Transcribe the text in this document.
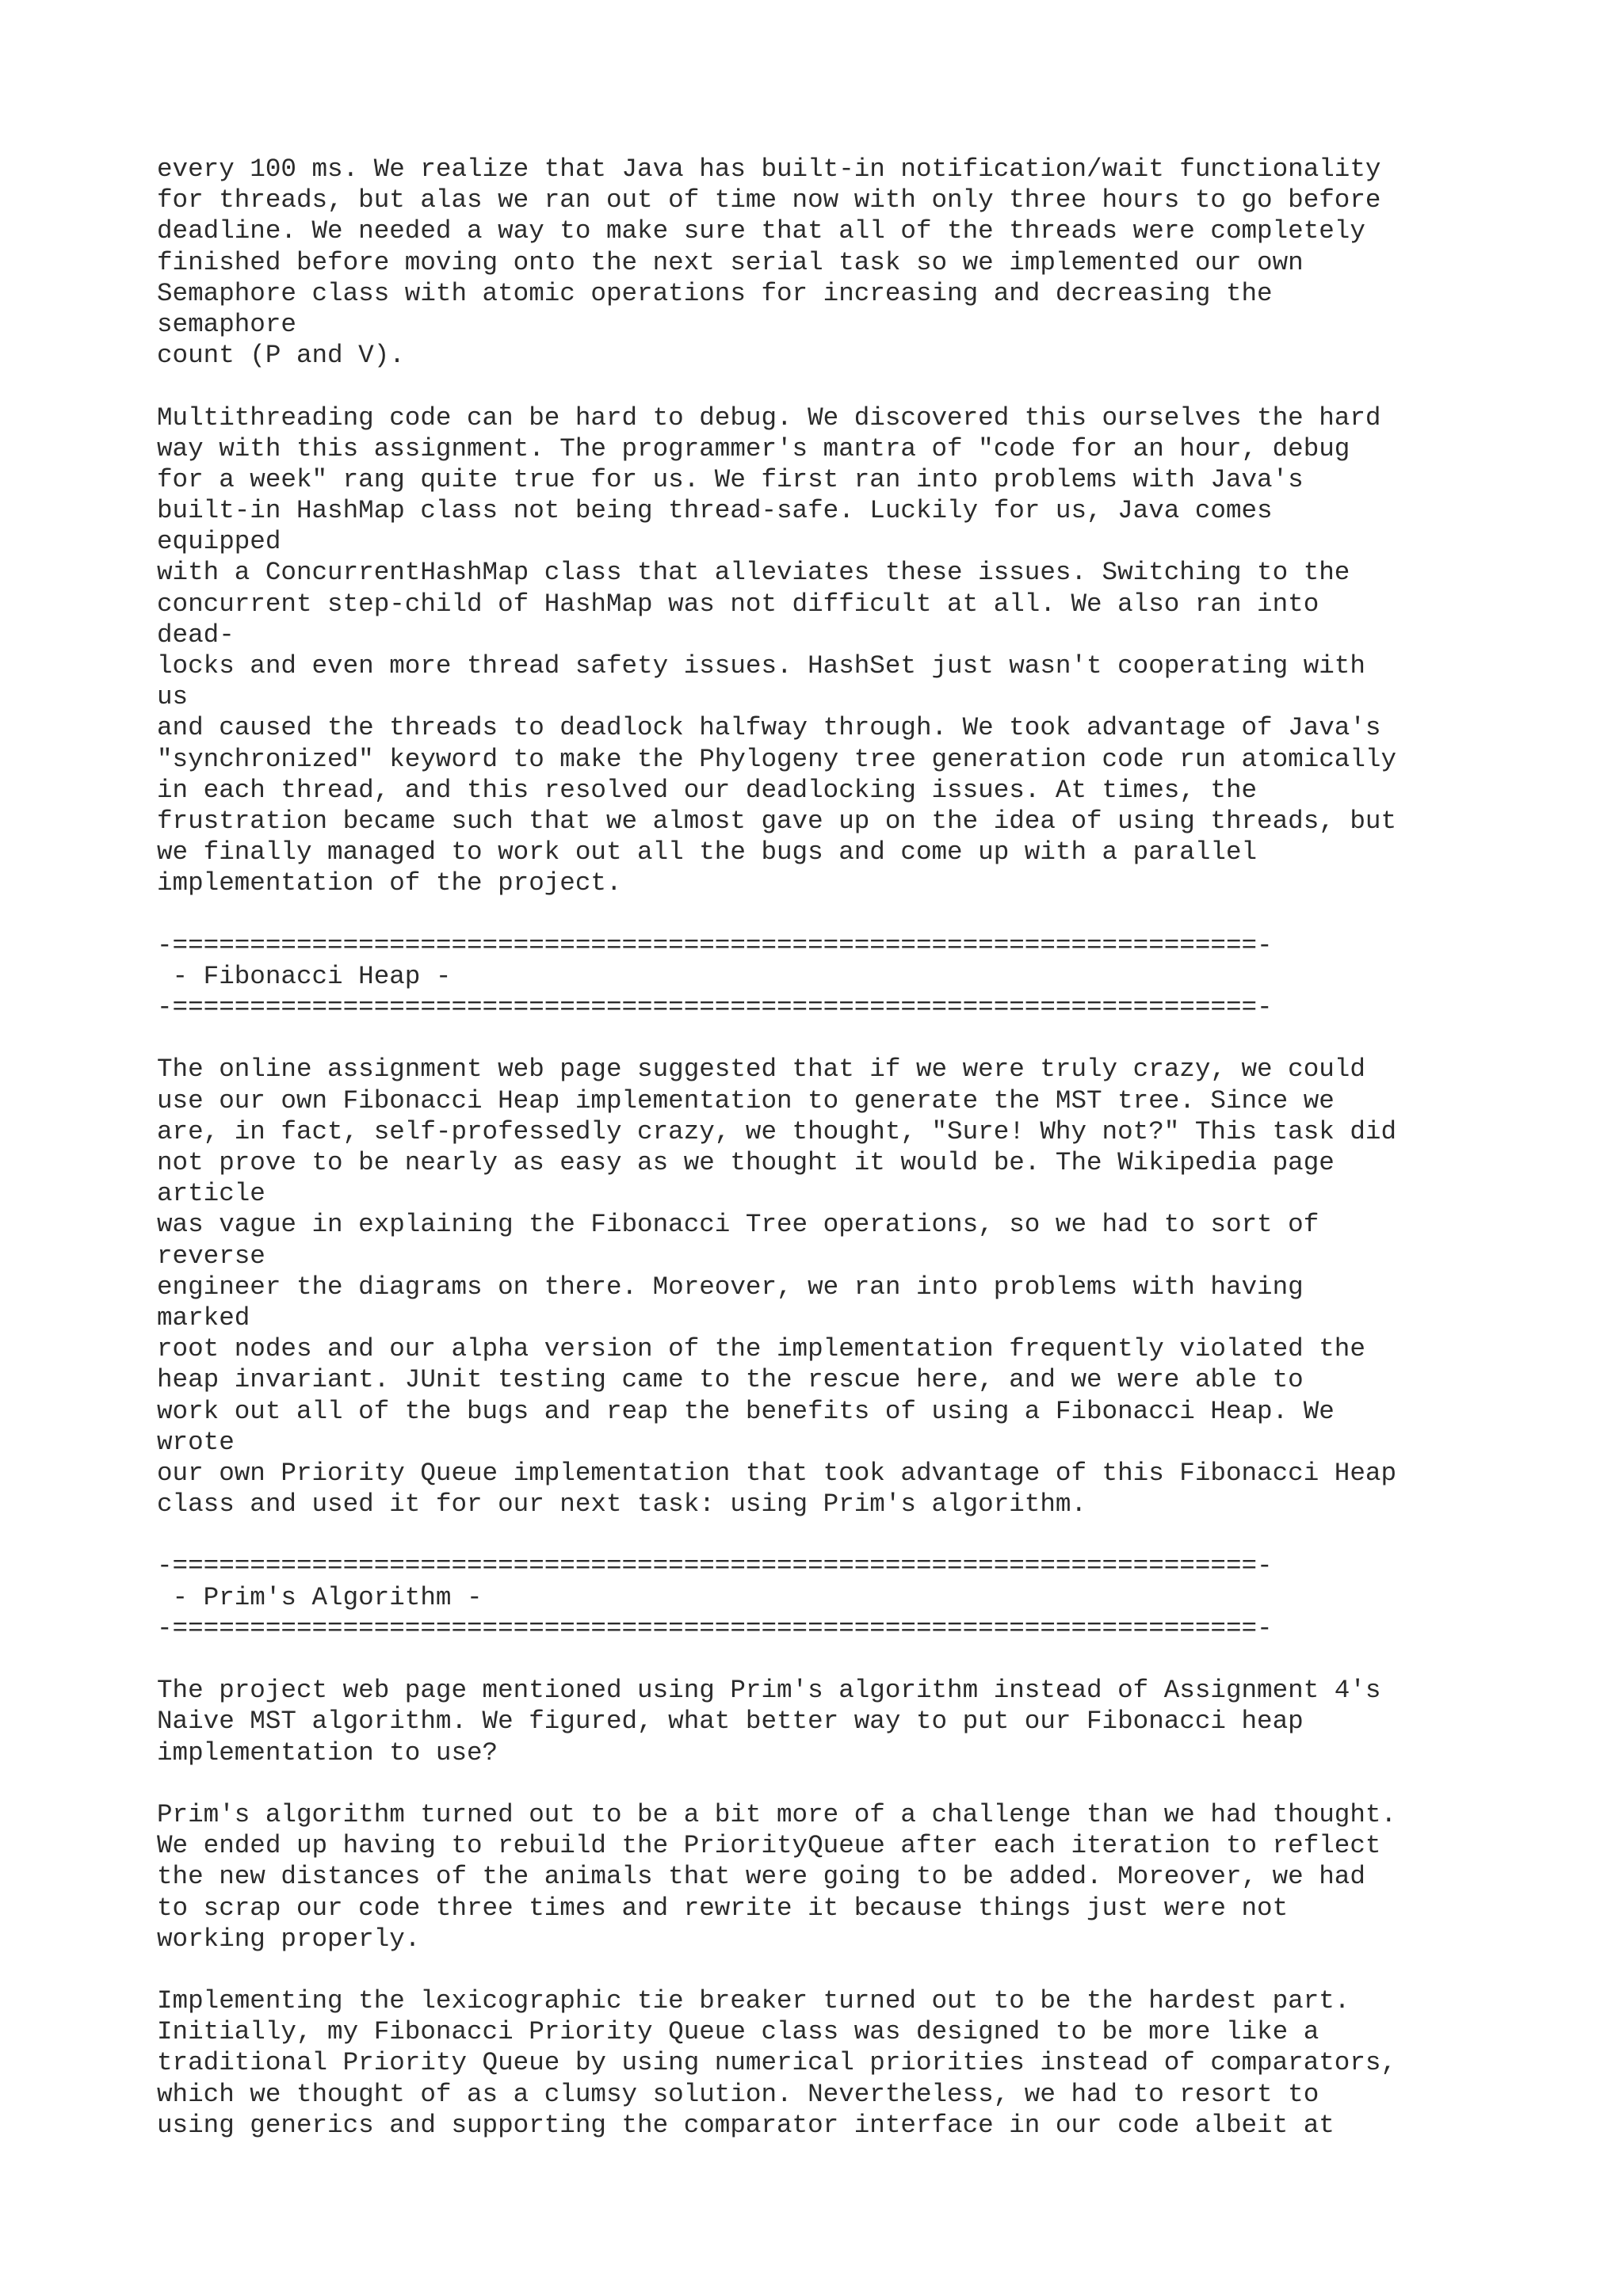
every 100 ms. We realize that Java has built-in notification/wait functionality
for threads, but alas we ran out of time now with only three hours to go before
deadline. We needed a way to make sure that all of the threads were completely
finished before moving onto the next serial task so we implemented our own
Semaphore class with atomic operations for increasing and decreasing the
semaphore
count (P and V).
Multithreading code can be hard to debug. We discovered this ourselves the hard
way with this assignment. The programmer's mantra of "code for an hour, debug
for a week" rang quite true for us. We first ran into problems with Java's
built-in HashMap class not being thread-safe. Luckily for us, Java comes
equipped
with a ConcurrentHashMap class that alleviates these issues. Switching to the
concurrent step-child of HashMap was not difficult at all. We also ran into
dead-
locks and even more thread safety issues. HashSet just wasn't cooperating with
us
and caused the threads to deadlock halfway through. We took advantage of Java's
"synchronized" keyword to make the Phylogeny tree generation code run atomically
in each thread, and this resolved our deadlocking issues. At times, the
frustration became such that we almost gave up on the idea of using threads, but
we finally managed to work out all the bugs and come up with a parallel
implementation of the project.
-======================================================================-
- Fibonacci Heap -
-======================================================================-
The online assignment web page suggested that if we were truly crazy, we could
use our own Fibonacci Heap implementation to generate the MST tree. Since we
are, in fact, self-professedly crazy, we thought, "Sure! Why not?" This task did
not prove to be nearly as easy as we thought it would be. The Wikipedia page
article
was vague in explaining the Fibonacci Tree operations, so we had to sort of
reverse
engineer the diagrams on there. Moreover, we ran into problems with having
marked
root nodes and our alpha version of the implementation frequently violated the
heap invariant. JUnit testing came to the rescue here, and we were able to
work out all of the bugs and reap the benefits of using a Fibonacci Heap. We
wrote
our own Priority Queue implementation that took advantage of this Fibonacci Heap
class and used it for our next task: using Prim's algorithm.
-======================================================================-
- Prim's Algorithm -
-======================================================================-
The project web page mentioned using Prim's algorithm instead of Assignment 4's
Naive MST algorithm. We figured, what better way to put our Fibonacci heap
implementation to use?
Prim's algorithm turned out to be a bit more of a challenge than we had thought.
We ended up having to rebuild the PriorityQueue after each iteration to reflect
the new distances of the animals that were going to be added. Moreover, we had
to scrap our code three times and rewrite it because things just were not
working properly.
Implementing the lexicographic tie breaker turned out to be the hardest part.
Initially, my Fibonacci Priority Queue class was designed to be more like a
traditional Priority Queue by using numerical priorities instead of comparators,
which we thought of as a clumsy solution. Nevertheless, we had to resort to
using generics and supporting the comparator interface in our code albeit at
